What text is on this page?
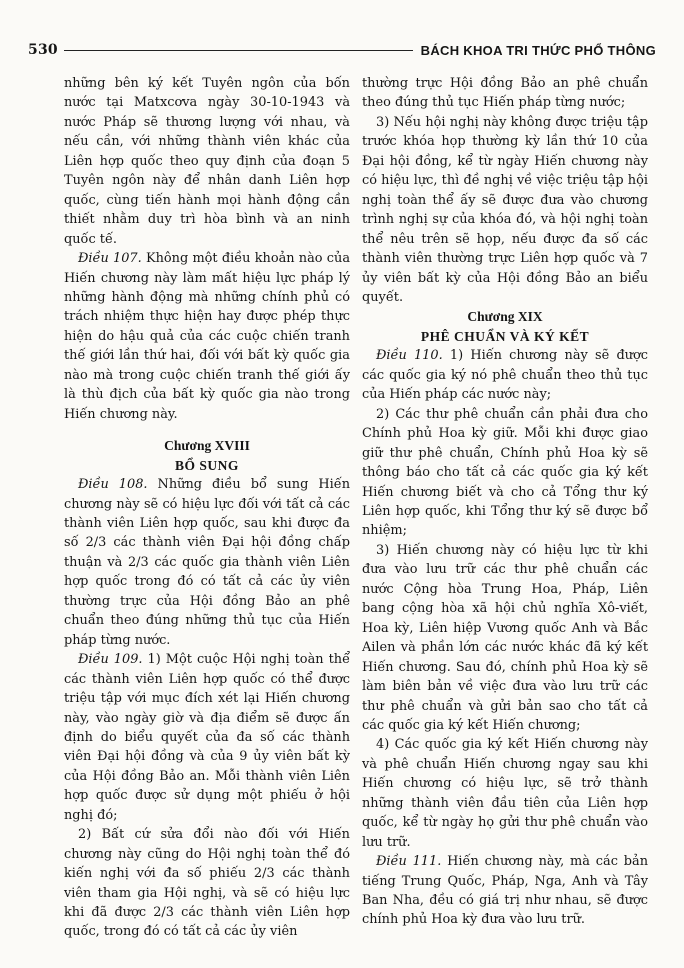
530	BÁCH KHOA TRI THỨC PHỔ THÔNG

những bên ký kết Tuyên ngôn của bốn nước tại Matxcơva ngày 30-10-1943 và nước Pháp sẽ thương lượng với nhau, và nếu cần, với những thành viên khác của Liên hợp quốc theo quy định của đoạn 5 Tuyên ngôn này để nhân danh Liên hợp quốc, cùng tiến hành mọi hành động cần thiết nhằm duy trì hòa bình và an ninh quốc tế.

Điều 107. Không một điều khoản nào của Hiến chương này làm mất hiệu lực pháp lý những hành động mà những chính phủ có trách nhiệm thực hiện hay được phép thực hiện do hậu quả của các cuộc chiến tranh thế giới lần thứ hai, đối với bất kỳ quốc gia nào mà trong cuộc chiến tranh thế giới ấy là thù địch của bất kỳ quốc gia nào trong Hiến chương này.

Chương XVIII
BỔ SUNG

Điều 108. Những điều bổ sung Hiến chương này sẽ có hiệu lực đối với tất cả các thành viên Liên hợp quốc, sau khi được đa số 2/3 các thành viên Đại hội đồng chấp thuận và 2/3 các quốc gia thành viên Liên hợp quốc trong đó có tất cả các ủy viên thường trực của Hội đồng Bảo an phê chuẩn theo đúng những thủ tục của Hiến pháp từng nước.

Điều 109. 1) Một cuộc Hội nghị toàn thể các thành viên Liên hợp quốc có thể được triệu tập với mục đích xét lại Hiến chương này, vào ngày giờ và địa điểm sẽ được ấn định do biểu quyết của đa số các thành viên Đại hội đồng và của 9 ủy viên bất kỳ của Hội đồng Bảo an. Mỗi thành viên Liên hợp quốc được sử dụng một phiếu ở hội nghị đó;

2) Bất cứ sửa đổi nào đối với Hiến chương này cũng do Hội nghị toàn thể đó kiến nghị với đa số phiếu 2/3 các thành viên tham gia Hội nghị, và sẽ có hiệu lực khi đã được 2/3 các thành viên Liên hợp quốc, trong đó có tất cả các ủy viên

thường trực Hội đồng Bảo an phê chuẩn theo đúng thủ tục Hiến pháp từng nước;

3) Nếu hội nghị này không được triệu tập trước khóa họp thường kỳ lần thứ 10 của Đại hội đồng, kể từ ngày Hiến chương này có hiệu lực, thì đề nghị về việc triệu tập hội nghị toàn thể ấy sẽ được đưa vào chương trình nghị sự của khóa đó, và hội nghị toàn thể nêu trên sẽ họp, nếu được đa số các thành viên thường trực Liên hợp quốc và 7 ủy viên bất kỳ của Hội đồng Bảo an biểu quyết.

Chương XIX
PHÊ CHUẨN VÀ KÝ KẾT

Điều 110. 1) Hiến chương này sẽ được các quốc gia ký nó phê chuẩn theo thủ tục của Hiến pháp các nước này;

2) Các thư phê chuẩn cần phải đưa cho Chính phủ Hoa kỳ giữ. Mỗi khi được giao giữ thư phê chuẩn, Chính phủ Hoa kỳ sẽ thông báo cho tất cả các quốc gia ký kết Hiến chương biết và cho cả Tổng thư ký Liên hợp quốc, khi Tổng thư ký sẽ được bổ nhiệm;

3) Hiến chương này có hiệu lực từ khi đưa vào lưu trữ các thư phê chuẩn các nước Cộng hòa Trung Hoa, Pháp, Liên bang cộng hòa xã hội chủ nghĩa Xô-viết, Hoa kỳ, Liên hiệp Vương quốc Anh và Bắc Ailen và phần lớn các nước khác đã ký kết Hiến chương. Sau đó, chính phủ Hoa kỳ sẽ làm biên bản về việc đưa vào lưu trữ các thư phê chuẩn và gửi bản sao cho tất cả các quốc gia ký kết Hiến chương;

4) Các quốc gia ký kết Hiến chương này và phê chuẩn Hiến chương ngay sau khi Hiến chương có hiệu lực, sẽ trở thành những thành viên đầu tiên của Liên hợp quốc, kể từ ngày họ gửi thư phê chuẩn vào lưu trữ.

Điều 111. Hiến chương này, mà các bản tiếng Trung Quốc, Pháp, Nga, Anh và Tây Ban Nha, đều có giá trị như nhau, sẽ được chính phủ Hoa kỳ đưa vào lưu trữ.
